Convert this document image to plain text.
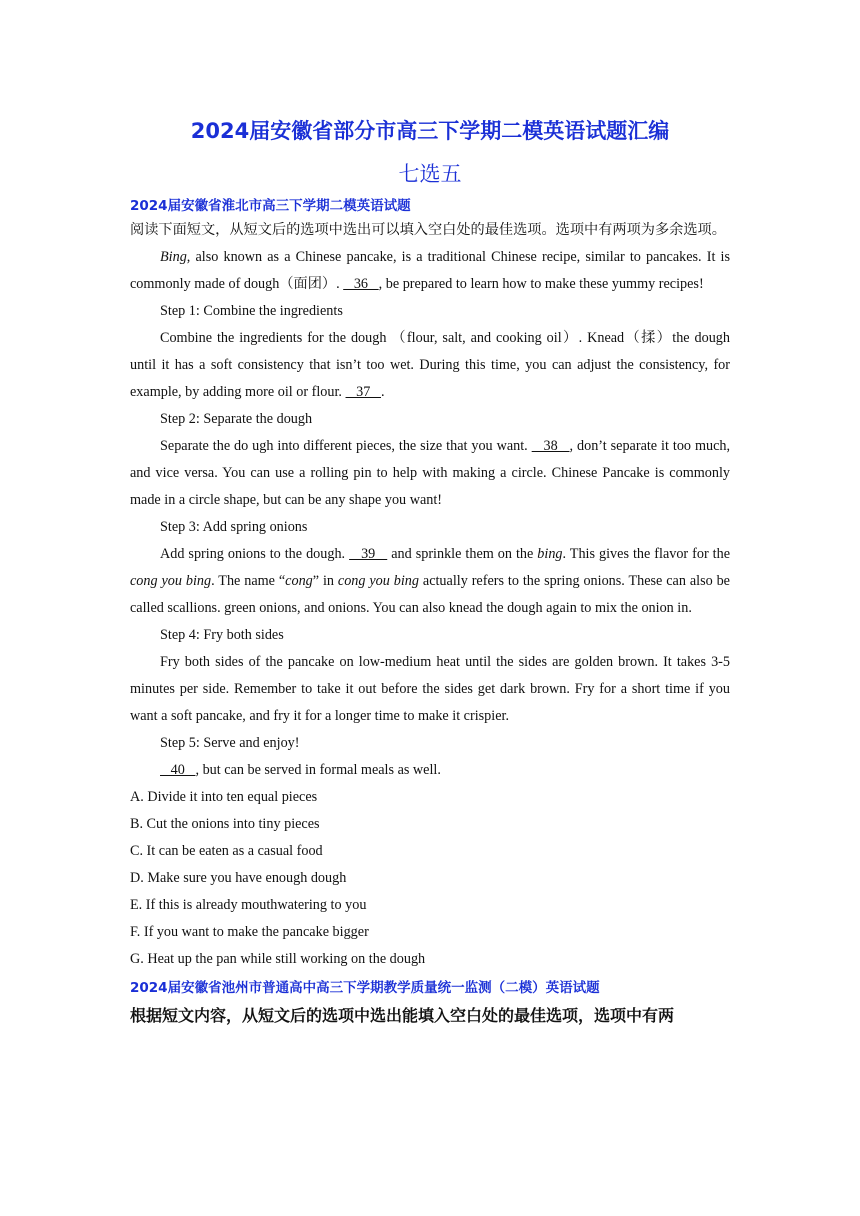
2024届安徽省部分市高三下学期二模英语试题汇编
七选五
2024届安徽省淮北市高三下学期二模英语试题

阅读下面短文，从短文后的选项中选出可以填入空白处的最佳选项。选项中有两项为多余选项。

Bing, also known as a Chinese pancake, is a traditional Chinese recipe, similar to pancakes. It is commonly made of dough（面团）.    36   , be prepared to learn how to make these yummy recipes!

Step 1: Combine the ingredients

Combine the ingredients for the dough （flour, salt, and cooking oil）. Knead（揉）the dough until it has a soft consistency that isn’t too wet. During this time, you can adjust the consistency, for example, by adding more oil or flour.    37   .

Step 2: Separate the dough

Separate the do ugh into different pieces, the size that you want.    38   , don’t separate it too much, and vice versa. You can use a rolling pin to help with making a circle. Chinese Pancake is commonly made in a circle shape, but can be any shape you want!

Step 3: Add spring onions

Add spring onions to the dough.    39    and sprinkle them on the bing. This gives the flavor for the cong you bing. The name “cong” in cong you bing actually refers to the spring onions. These can also be called scallions. green onions, and onions. You can also knead the dough again to mix the onion in.

Step 4: Fry both sides

Fry both sides of the pancake on low-medium heat until the sides are golden brown. It takes 3-5 minutes per side. Remember to take it out before the sides get dark brown. Fry for a short time if you want a soft pancake, and fry it for a longer time to make it crispier.

Step 5: Serve and enjoy!

40   , but can be served in formal meals as well.

A. Divide it into ten equal pieces

B. Cut the onions into tiny pieces

C. It can be eaten as a casual food

D. Make sure you have enough dough

E. If this is already mouthwatering to you

F. If you want to make the pancake bigger

G. Heat up the pan while still working on the dough

2024届安徽省池州市普通高中高三下学期教学质量统一监测（二模）英语试题

根据短文内容，从短文后的选项中选出能填入空白处的最佳选项，选项中有两
